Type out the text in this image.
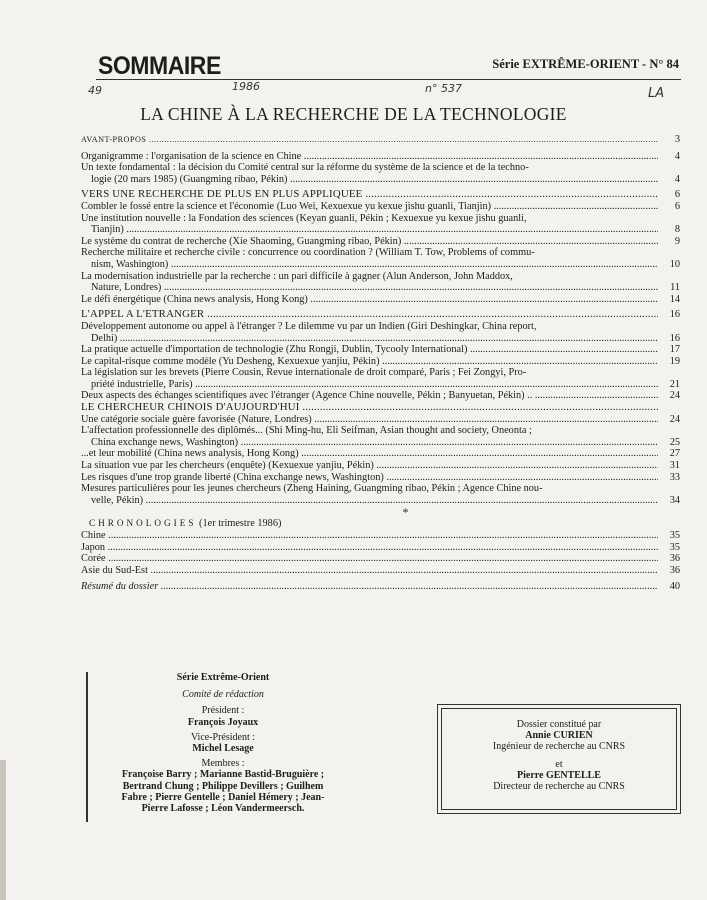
SOMMAIRE	Série EXTRÊME-ORIENT - N° 84
49	1986	n° 537	LA
LA CHINE À LA RECHERCHE DE LA TECHNOLOGIE
AVANT-PROPOS .....	3
Organigramme : l'organisation de la science en Chine .....	4
Un texte fondamental : la décision du Comité central sur la réforme du système de la science et de la techno-
logie (20 mars 1985) (Guangming ribao, Pékin) .....	4
VERS UNE RECHERCHE DE PLUS EN PLUS APPLIQUÉE .....	6
Combler le fossé entre la science et l'économie (Luo Wei, Kexuexue yu kexue jishu guanli, Tianjin) .....	6
Une institution nouvelle : la Fondation des sciences (Keyan guanli, Pékin ; Kexuexue yu kexue jishu guanli,
Tianjin) .....	8
Le système du contrat de recherche (Xie Shaoming, Guangming ribao, Pékin) .....	9
Recherche militaire et recherche civile : concurrence ou coordination ? (William T. Tow, Problems of commu-
nism, Washington) .....	10
La modernisation industrielle par la recherche : un pari difficile à gagner (Alun Anderson, John Maddox,
Nature, Londres) .....	11
Le défi énergétique (China news analysis, Hong Kong) .....	14
L'APPEL A L'ÉTRANGER .....	16
Développement autonome ou appel à l'étranger ? Le dilemme vu par un Indien (Giri Deshingkar, China report,
Delhi) .....	16
La pratique actuelle d'importation de technologie (Zhu Rongji, Dublin, Tycooly International) .....	17
Le capital-risque comme modèle (Yu Desheng, Kexuexue yanjiu, Pékin) .....	19
La législation sur les brevets (Pierre Cousin, Revue internationale de droit comparé, Paris ; Fei Zongyi, Pro-
priété industrielle, Paris) .....	21
Deux aspects des échanges scientifiques avec l'étranger (Agence Chine nouvelle, Pékin ; Banyuetan, Pékin) .. .....	24
LE CHERCHEUR CHINOIS D'AUJOURD'HUI .....
Une catégorie sociale guère favorisée (Nature, Londres) .....	24
L'affectation professionnelle des diplômés... (Shi Ming-hu, Eli Seifman, Asian thought and society, Oneonta ;
China exchange news, Washington) .....	25
...et leur mobilité (China news analysis, Hong Kong) .....	27
La situation vue par les chercheurs (enquête) (Kexuexue yanjiu, Pékin) .....	31
Les risques d'une trop grande liberté (China exchange news, Washington) .....	33
Mesures particulières pour les jeunes chercheurs (Zheng Haining, Guangming ribao, Pékin ; Agence Chine nou-
velle, Pékin) .....	34
*
CHRONOLOGIES (1er trimestre 1986)
Chine .....	35
Japon .....	35
Corée .....	36
Asie du Sud-Est .....	36
Résumé du dossier .....	40
Série Extrême-Orient
Comité de rédaction
Président :
François Joyaux
Vice-Président :
Michel Lesage
Membres :
Françoise Barry ; Marianne Bastid-Bruguière ;
Bertrand Chung ; Philippe Devillers ; Guilhem
Fabre ; Pierre Gentelle ; Daniel Hémery ; Jean-
Pierre Lafosse ; Léon Vandermeersch.
Dossier constitué par
Annie CURIEN
Ingénieur de recherche au CNRS
et
Pierre GENTELLE
Directeur de recherche au CNRS
